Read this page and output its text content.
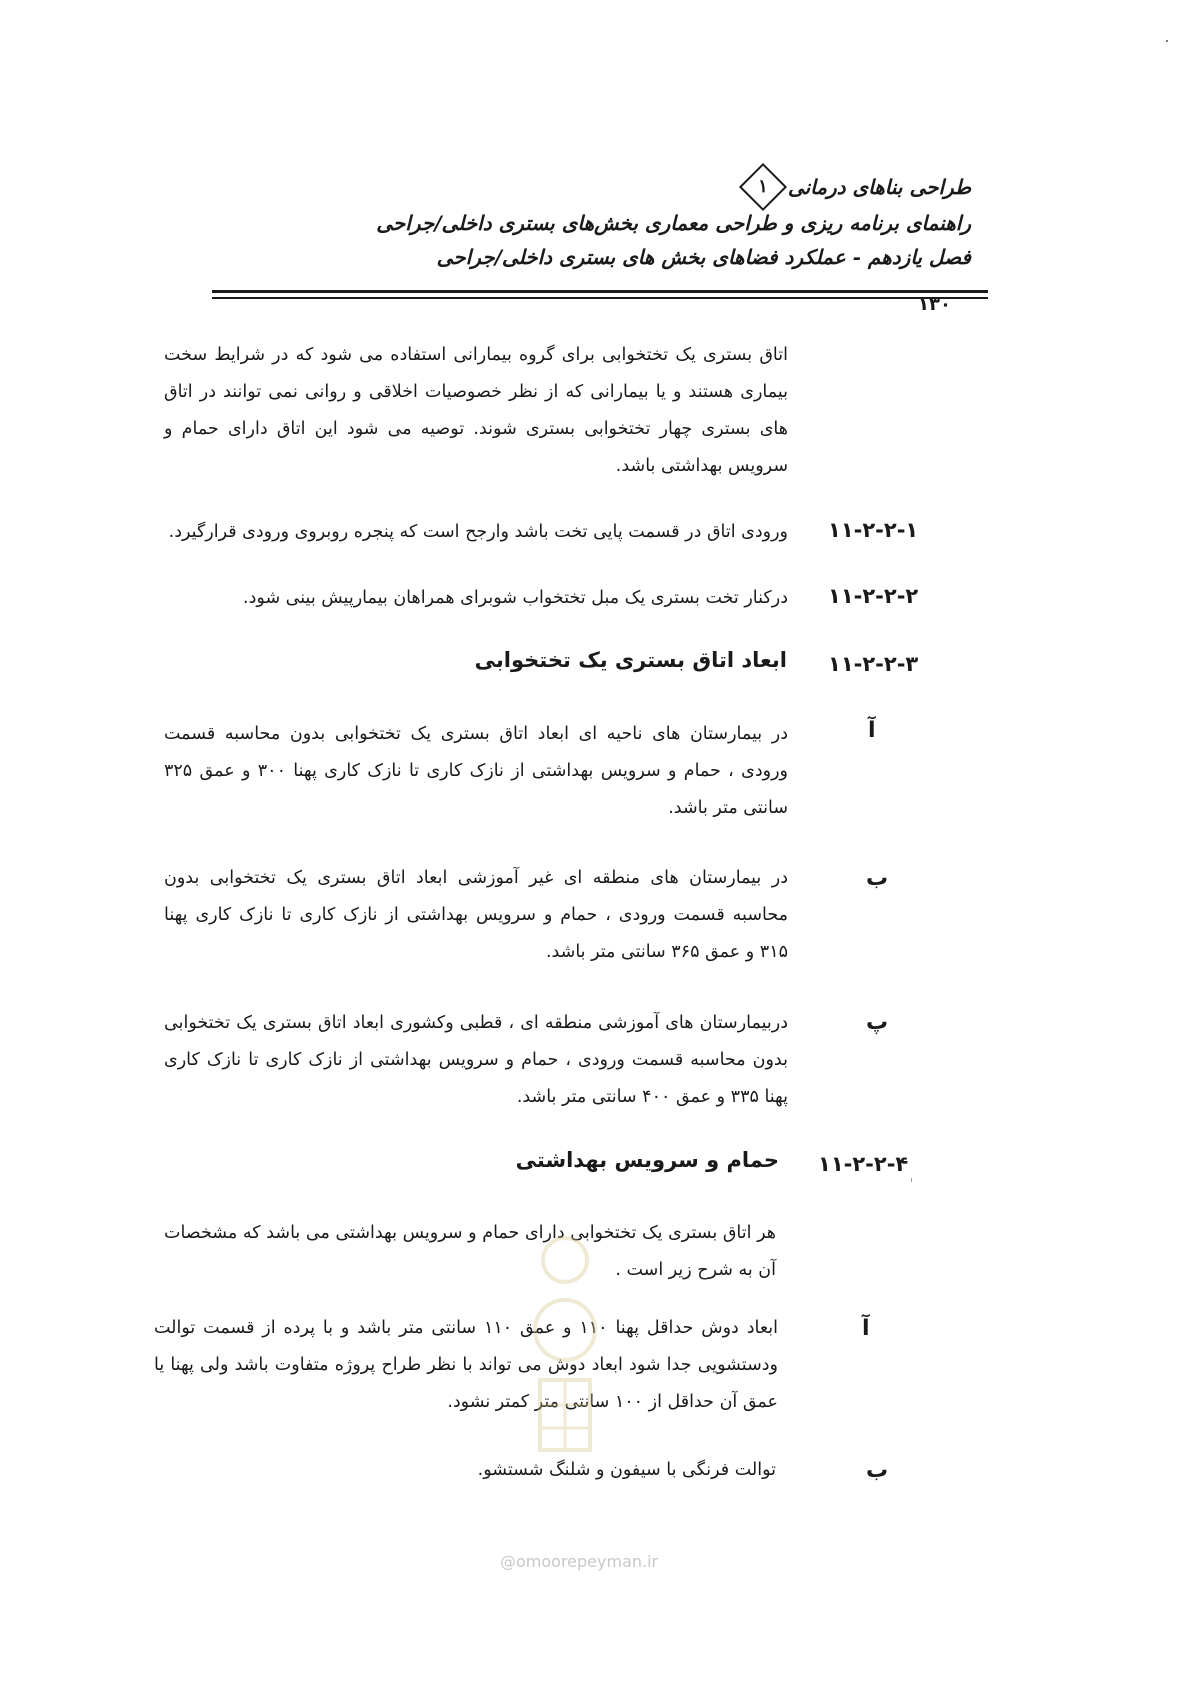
طراحی بناهای درمانی
۱
راهنمای برنامه ریزی و طراحی معماری بخش‌های بستری داخلی/جراحی
فصل یازدهم - عملکرد فضاهای بخش های بستری داخلی/جراحی
۱۳۰
اتاق بستری یک تختخوابی برای گروه بیمارانی استفاده می شود که در شرایط سخت بیماری هستند و یا بیمارانی که از نظر خصوصیات اخلاقی و روانی نمی توانند در اتاق های بستری چهار تختخوابی بستری شوند. توصیه می شود این اتاق دارای حمام و سرویس بهداشتی باشد.
۱۱-۲-۲-۱
ورودی اتاق در قسمت پایی تخت باشد وارجح است که پنجره روبروی ورودی قرارگیرد.
۱۱-۲-۲-۲
درکنار تخت بستری یک مبل تختخواب شوبرای همراهان بیمارپیش بینی شود.
۱۱-۲-۲-۳
ابعاد اتاق بستری یک تختخوابی
آ
در بیمارستان های ناحیه ای ابعاد اتاق بستری یک تختخوابی بدون محاسبه قسمت ورودی ، حمام و سرویس بهداشتی از نازک کاری تا نازک کاری پهنا ۳۰۰ و عمق ۳۲۵ سانتی متر باشد.
ب
در بیمارستان های منطقه ای غیر آموزشی ابعاد اتاق بستری یک تختخوابی بدون محاسبه قسمت ورودی ، حمام و سرویس بهداشتی از نازک کاری تا نازک کاری پهنا ۳۱۵ و عمق ۳۶۵ سانتی متر باشد.
پ
دربیمارستان های آموزشی منطقه ای ، قطبی وکشوری ابعاد اتاق بستری یک تختخوابی بدون محاسبه قسمت ورودی ، حمام و سرویس بهداشتی از نازک کاری تا نازک کاری پهنا ۳۳۵ و عمق ۴۰۰ سانتی متر باشد.
۱۱-۲-۲-۴
حمام و سرویس بهداشتی
هر اتاق بستری یک تختخوابی دارای حمام و سرویس بهداشتی می باشد که مشخصات آن به شرح زیر است .
آ
ابعاد دوش حداقل پهنا ۱۱۰ و عمق ۱۱۰ سانتی متر باشد و با پرده از قسمت توالت ودستشویی جدا شود ابعاد دوش می تواند با نظر طراح پروژه متفاوت باشد ولی پهنا یا عمق آن حداقل از ۱۰۰ سانتی متر کمتر نشود.
ب
توالت فرنگی با سیفون و شلنگ شستشو.
@omoorepeyman.ir
